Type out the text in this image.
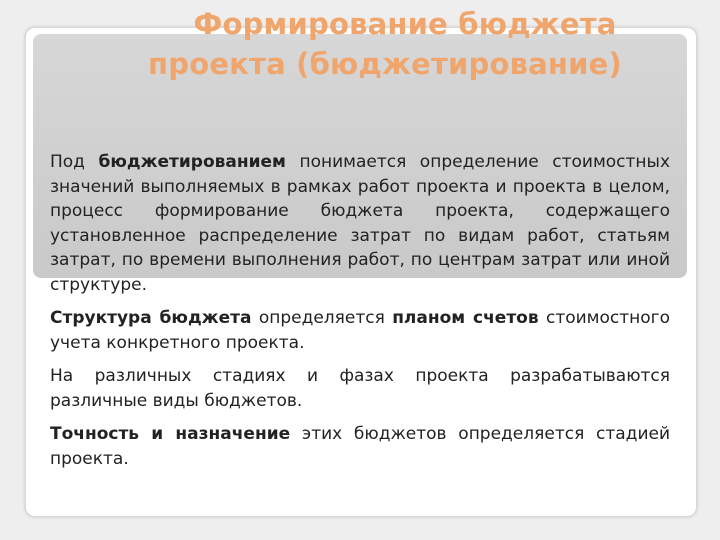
Формирование бюджета
проекта (бюджетирование)

Под бюджетированием понимается определение стоимостных значений выполняемых в рамках работ проекта и проекта в целом, процесс формирование бюджета проекта, содержащего установленное распределение затрат по видам работ, статьям затрат, по времени выполнения работ, по центрам затрат или иной структуре.

Структура бюджета определяется планом счетов стоимостного учета конкретного проекта.

На различных стадиях и фазах проекта разрабатываются различные виды бюджетов.

Точность и назначение этих бюджетов определяется стадией проекта.
